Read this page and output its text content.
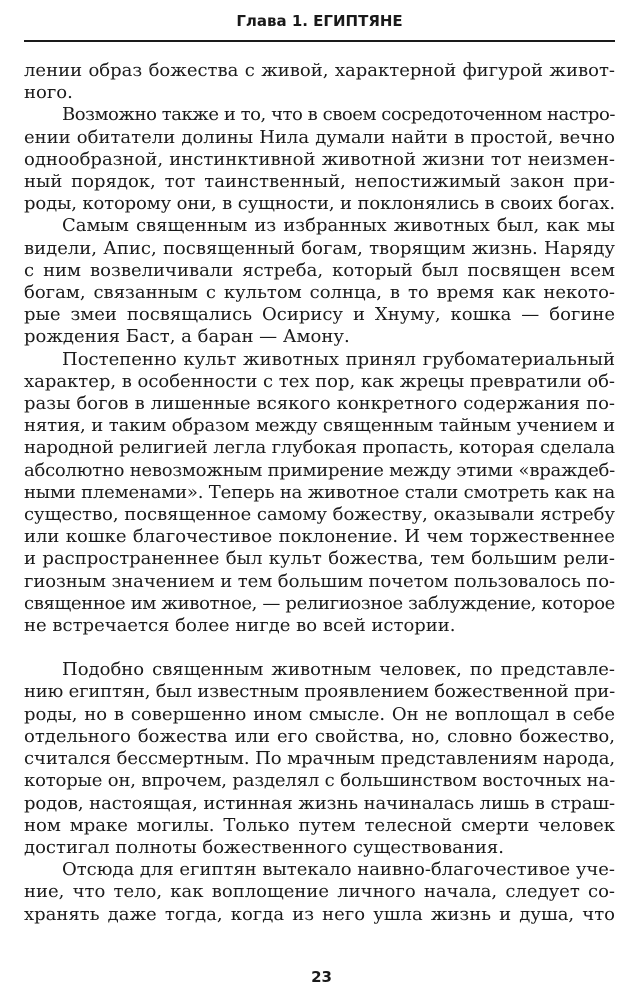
Глава 1. ЕГИПТЯНЕ
лении образ божества с живой, характерной фигурой живот-
ного.
Возможно также и то, что в своем сосредоточенном настро-
ении обитатели долины Нила думали найти в простой, вечно
однообразной, инстинктивной животной жизни тот неизмен-
ный порядок, тот таинственный, непостижимый закон при-
роды, которому они, в сущности, и поклонялись в своих богах.
Самым священным из избранных животных был, как мы
видели, Апис, посвященный богам, творящим жизнь. Наряду
с ним возвеличивали ястреба, который был посвящен всем
богам, связанным с культом солнца, в то время как некото-
рые змеи посвящались Осирису и Хнуму, кошка — богине
рождения Баст, а баран — Амону.
Постепенно культ животных принял грубоматериальный
характер, в особенности с тех пор, как жрецы превратили об-
разы богов в лишенные всякого конкретного содержания по-
нятия, и таким образом между священным тайным учением и
народной религией легла глубокая пропасть, которая сделала
абсолютно невозможным примирение между этими «враждеб-
ными племенами». Теперь на животное стали смотреть как на
существо, посвященное самому божеству, оказывали ястребу
или кошке благочестивое поклонение. И чем торжественнее
и распространеннее был культ божества, тем большим рели-
гиозным значением и тем большим почетом пользовалось по-
священное им животное, — религиозное заблуждение, которое
не встречается более нигде во всей истории.
Подобно священным животным человек, по представле-
нию египтян, был известным проявлением божественной при-
роды, но в совершенно ином смысле. Он не воплощал в себе
отдельного божества или его свойства, но, словно божество,
считался бессмертным. По мрачным представлениям народа,
которые он, впрочем, разделял с большинством восточных на-
родов, настоящая, истинная жизнь начиналась лишь в страш-
ном мраке могилы. Только путем телесной смерти человек
достигал полноты божественного существования.
Отсюда для египтян вытекало наивно-благочестивое уче-
ние, что тело, как воплощение личного начала, следует со-
хранять даже тогда, когда из него ушла жизнь и душа, что
23
